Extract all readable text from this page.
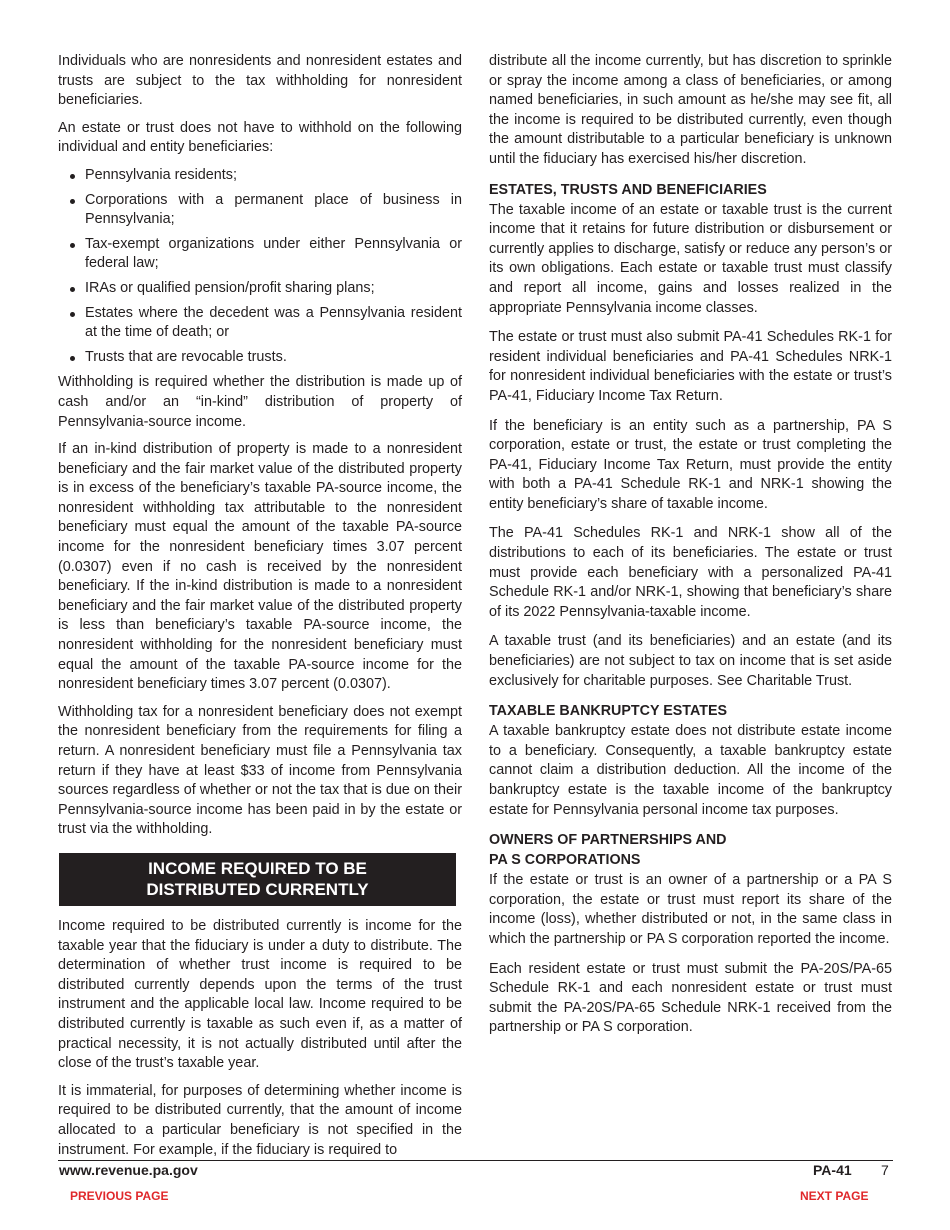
Individuals who are nonresidents and nonresident estates and trusts are subject to the tax withholding for nonresident beneficiaries.

An estate or trust does not have to withhold on the following individual and entity beneficiaries:

Pennsylvania residents;
Corporations with a permanent place of business in Pennsylvania;
Tax-exempt organizations under either Pennsylvania or federal law;
IRAs or qualified pension/profit sharing plans;
Estates where the decedent was a Pennsylvania resident at the time of death; or
Trusts that are revocable trusts.

Withholding is required whether the distribution is made up of cash and/or an “in-kind” distribution of property of Pennsylvania-source income.

If an in-kind distribution of property is made to a nonresident beneficiary and the fair market value of the distributed property is in excess of the beneficiary’s taxable PA-source income, the nonresident withholding tax attributable to the nonresident beneficiary must equal the amount of the taxable PA-source income for the nonresident beneficiary times 3.07 percent (0.0307) even if no cash is received by the nonresident beneficiary. If the in-kind distribution is made to a nonresident beneficiary and the fair market value of the distributed property is less than beneficiary’s taxable PA-source income, the nonresident withholding for the nonresident beneficiary must equal the amount of the taxable PA-source income for the nonresident beneficiary times 3.07 percent (0.0307).

Withholding tax for a nonresident beneficiary does not exempt the nonresident beneficiary from the requirements for filing a return. A nonresident beneficiary must file a Pennsylvania tax return if they have at least $33 of income from Pennsylvania sources regardless of whether or not the tax that is due on their Pennsylvania-source income has been paid in by the estate or trust via the withholding.

INCOME REQUIRED TO BE
DISTRIBUTED CURRENTLY

Income required to be distributed currently is income for the taxable year that the fiduciary is under a duty to distribute. The determination of whether trust income is required to be distributed currently depends upon the terms of the trust instrument and the applicable local law. Income required to be distributed currently is taxable as such even if, as a matter of practical necessity, it is not actually distributed until after the close of the trust’s taxable year.

It is immaterial, for purposes of determining whether income is required to be distributed currently, that the amount of income allocated to a particular beneficiary is not specified in the instrument. For example, if the fiduciary is required to

distribute all the income currently, but has discretion to sprinkle or spray the income among a class of beneficiaries, or among named beneficiaries, in such amount as he/she may see fit, all the income is required to be distributed currently, even though the amount distributable to a particular beneficiary is unknown until the fiduciary has exercised his/her discretion.

ESTATES, TRUSTS AND BENEFICIARIES

The taxable income of an estate or taxable trust is the current income that it retains for future distribution or disbursement or currently applies to discharge, satisfy or reduce any person’s or its own obligations. Each estate or taxable trust must classify and report all income, gains and losses realized in the appropriate Pennsylvania income classes.

The estate or trust must also submit PA-41 Schedules RK-1 for resident individual beneficiaries and PA-41 Schedules NRK-1 for nonresident individual beneficiaries with the estate or trust’s PA-41, Fiduciary Income Tax Return.

If the beneficiary is an entity such as a partnership, PA S corporation, estate or trust, the estate or trust completing the PA-41, Fiduciary Income Tax Return, must provide the entity with both a PA-41 Schedule RK-1 and NRK-1 showing the entity beneficiary’s share of taxable income.

The PA-41 Schedules RK-1 and NRK-1 show all of the distributions to each of its beneficiaries. The estate or trust must provide each beneficiary with a personalized PA-41 Schedule RK-1 and/or NRK-1, showing that beneficiary’s share of its 2022 Pennsylvania-taxable income.

A taxable trust (and its beneficiaries) and an estate (and its beneficiaries) are not subject to tax on income that is set aside exclusively for charitable purposes. See Charitable Trust.

TAXABLE BANKRUPTCY ESTATES

A taxable bankruptcy estate does not distribute estate income to a beneficiary. Consequently, a taxable bankruptcy estate cannot claim a distribution deduction. All the income of the bankruptcy estate is the taxable income of the bankruptcy estate for Pennsylvania personal income tax purposes.

OWNERS OF PARTNERSHIPS AND
PA S CORPORATIONS

If the estate or trust is an owner of a partnership or a PA S corporation, the estate or trust must report its share of the income (loss), whether distributed or not, in the same class in which the partnership or PA S corporation reported the income.

Each resident estate or trust must submit the PA-20S/PA-65 Schedule RK-1 and each nonresident estate or trust must submit the PA-20S/PA-65 Schedule NRK-1 received from the partnership or PA S corporation.

www.revenue.pa.gov	PA-41 7
PREVIOUS PAGE	NEXT PAGE
